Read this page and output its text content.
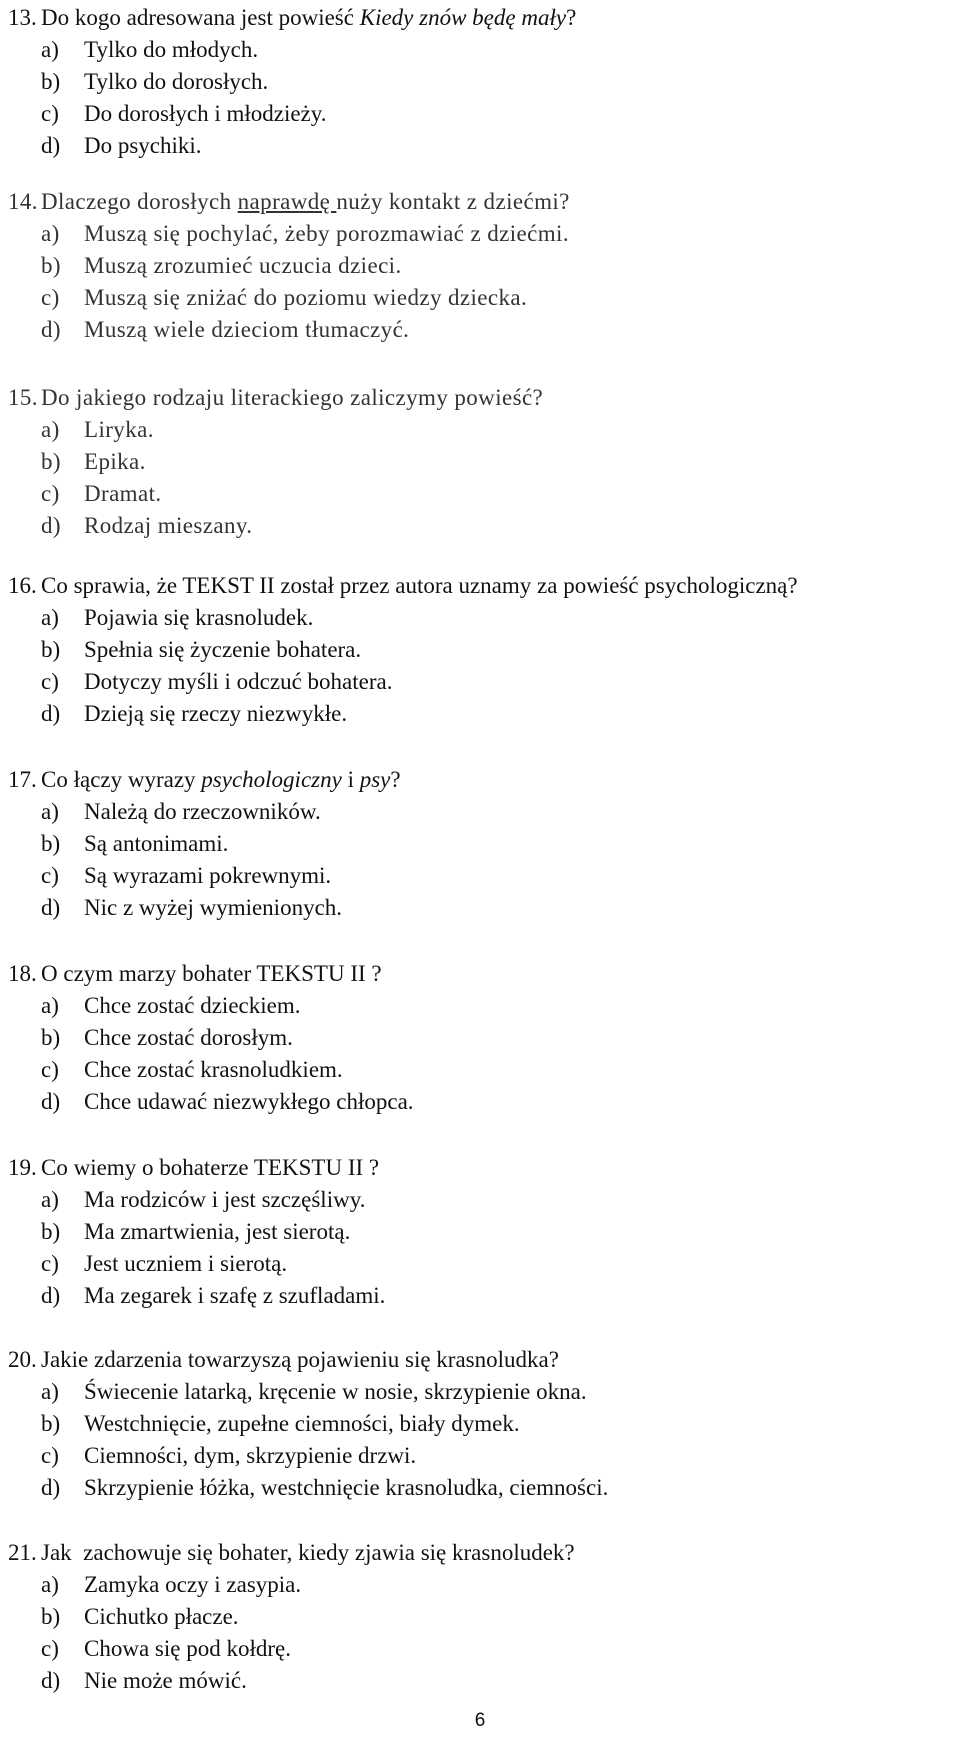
13. Do kogo adresowana jest powieść Kiedy znów będę mały?

a) Tylko do młodych.

b) Tylko do dorosłych.

c) Do dorosłych i młodzieży.

d) Do psychiki.

14. Dlaczego dorosłych naprawdę nuży kontakt z dziećmi?

a) Muszą się pochylać, żeby porozmawiać z dziećmi.

b) Muszą zrozumieć uczucia dzieci.

c) Muszą się zniżać do poziomu wiedzy dziecka.

d) Muszą wiele dzieciom tłumaczyć.

15. Do jakiego rodzaju literackiego zaliczymy powieść?

a) Liryka.

b) Epika.

c) Dramat.

d) Rodzaj mieszany.

16. Co sprawia, że TEKST II został przez autora uznamy za powieść psychologiczną?

a) Pojawia się krasnoludek.

b) Spełnia się życzenie bohatera.

c) Dotyczy myśli i odczuć bohatera.

d) Dzieją się rzeczy niezwykłe.

17. Co łączy wyrazy psychologiczny i psy?

a) Należą do rzeczowników.

b) Są antonimami.

c) Są wyrazami pokrewnymi.

d) Nic z wyżej wymienionych.

18. O czym marzy bohater TEKSTU II ?

a) Chce zostać dzieckiem.

b) Chce zostać dorosłym.

c) Chce zostać krasnoludkiem.

d) Chce udawać niezwykłego chłopca.

19. Co wiemy o bohaterze TEKSTU II ?

a) Ma rodziców i jest szczęśliwy.

b) Ma zmartwienia, jest sierotą.

c) Jest uczniem i sierotą.

d) Ma zegarek i szafę z szufladami.

20. Jakie zdarzenia towarzyszą pojawieniu się krasnoludka?

a) Świecenie latarką, kręcenie w nosie, skrzypienie okna.

b) Westchnięcie, zupełne ciemności, biały dymek.

c) Ciemności, dym, skrzypienie drzwi.

d) Skrzypienie łóżka, westchnięcie krasnoludka, ciemności.

21. Jak  zachowuje się bohater, kiedy zjawia się krasnoludek?

a) Zamyka oczy i zasypia.

b) Cichutko płacze.

c) Chowa się pod kołdrę.

d) Nie może mówić.

6
